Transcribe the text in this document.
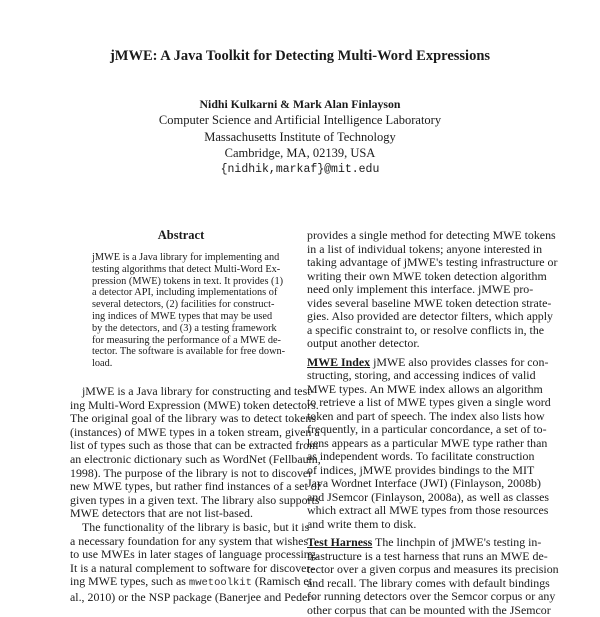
jMWE: A Java Toolkit for Detecting Multi-Word Expressions
Nidhi Kulkarni & Mark Alan Finlayson
Computer Science and Artificial Intelligence Laboratory
Massachusetts Institute of Technology
Cambridge, MA, 02139, USA
{nidhik,markaf}@mit.edu
Abstract
jMWE is a Java library for implementing and
testing algorithms that detect Multi-Word Ex-
pression (MWE) tokens in text. It provides (1)
a detector API, including implementations of
several detectors, (2) facilities for construct-
ing indices of MWE types that may be used
by the detectors, and (3) a testing framework
for measuring the performance of a MWE de-
tector. The software is available for free down-
load.
jMWE is a Java library for constructing and test-
ing Multi-Word Expression (MWE) token detectors.
The original goal of the library was to detect tokens
(instances) of MWE types in a token stream, given a
list of types such as those that can be extracted from
an electronic dictionary such as WordNet (Fellbaum,
1998). The purpose of the library is not to discover
new MWE types, but rather find instances of a set of
given types in a given text. The library also supports
MWE detectors that are not list-based.
The functionality of the library is basic, but it is
a necessary foundation for any system that wishes
to use MWEs in later stages of language processing.
It is a natural complement to software for discover-
ing MWE types, such as mwetoolkit (Ramisch et
al., 2010) or the NSP package (Banerjee and Peder-
provides a single method for detecting MWE tokens
in a list of individual tokens; anyone interested in
taking advantage of jMWE's testing infrastructure or
writing their own MWE token detection algorithm
need only implement this interface. jMWE pro-
vides several baseline MWE token detection strate-
gies. Also provided are detector filters, which apply
a specific constraint to, or resolve conflicts in, the
output another detector.
MWE Index jMWE also provides classes for con-
structing, storing, and accessing indices of valid
MWE types. An MWE index allows an algorithm
to retrieve a list of MWE types given a single word
token and part of speech. The index also lists how
frequently, in a particular concordance, a set of to-
kens appears as a particular MWE type rather than
as independent words. To facilitate construction
of indices, jMWE provides bindings to the MIT
Java Wordnet Interface (JWI) (Finlayson, 2008b)
and JSemcor (Finlayson, 2008a), as well as classes
which extract all MWE types from those resources
and write them to disk.
Test Harness The linchpin of jMWE's testing in-
frastructure is a test harness that runs an MWE de-
tector over a given corpus and measures its precision
and recall. The library comes with default bindings
for running detectors over the Semcor corpus or any
other corpus that can be mounted with the JSemcor
